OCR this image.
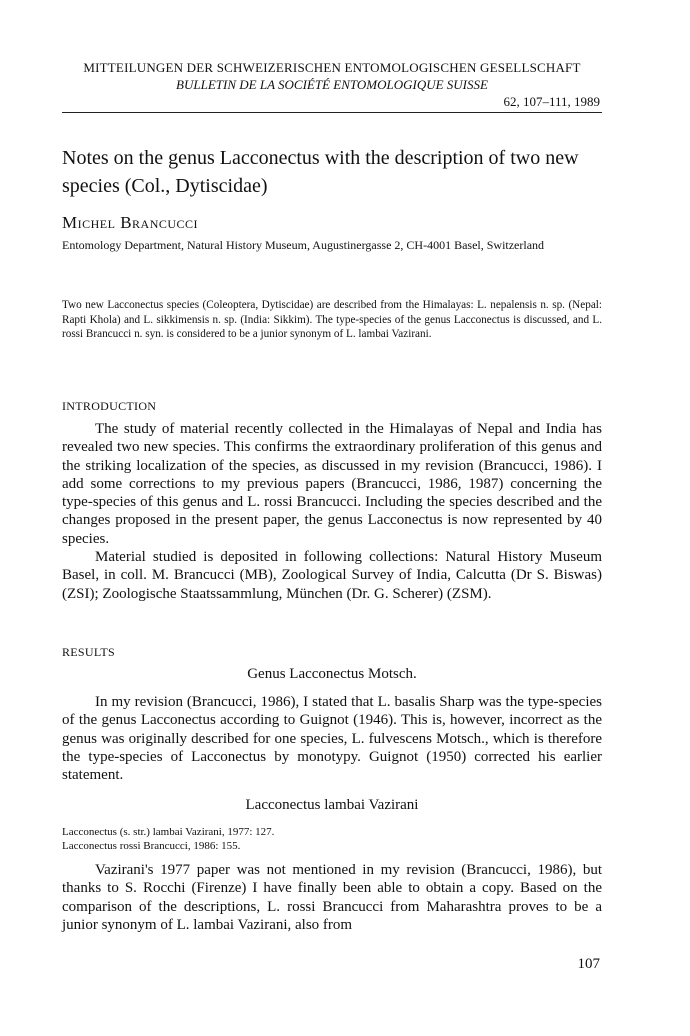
MITTEILUNGEN DER SCHWEIZERISCHEN ENTOMOLOGISCHEN GESELLSCHAFT
BULLETIN DE LA SOCIÉTÉ ENTOMOLOGIQUE SUISSE
62, 107–111, 1989
Notes on the genus Lacconectus with the description of two new species (Col., Dytiscidae)
Michel Brancucci
Entomology Department, Natural History Museum, Augustinergasse 2, CH-4001 Basel, Switzerland
Two new Lacconectus species (Coleoptera, Dytiscidae) are described from the Himalayas: L. nepalensis n. sp. (Nepal: Rapti Khola) and L. sikkimensis n. sp. (India: Sikkim). The type-species of the genus Lacconectus is discussed, and L. rossi Brancucci n. syn. is considered to be a junior synonym of L. lambai Vazirani.
INTRODUCTION

The study of material recently collected in the Himalayas of Nepal and India has revealed two new species. This confirms the extraordinary proliferation of this genus and the striking localization of the species, as discussed in my revision (Brancucci, 1986). I add some corrections to my previous papers (Brancucci, 1986, 1987) concerning the type-species of this genus and L. rossi Brancucci. Including the species described and the changes proposed in the present paper, the genus Lacconectus is now represented by 40 species.

Material studied is deposited in following collections: Natural History Museum Basel, in coll. M. Brancucci (MB), Zoological Survey of India, Calcutta (Dr S. Biswas) (ZSI); Zoologische Staatssammlung, München (Dr. G. Scherer) (ZSM).

RESULTS
Genus Lacconectus Motsch.

In my revision (Brancucci, 1986), I stated that L. basalis Sharp was the type-species of the genus Lacconectus according to Guignot (1946). This is, however, incorrect as the genus was originally described for one species, L. fulvescens Motsch., which is therefore the type-species of Lacconectus by monotypy. Guignot (1950) corrected his earlier statement.

Lacconectus lambai Vazirani
Lacconectus (s. str.) lambai Vazirani, 1977: 127.
Lacconectus rossi Brancucci, 1986: 155.

Vazirani's 1977 paper was not mentioned in my revision (Brancucci, 1986), but thanks to S. Rocchi (Firenze) I have finally been able to obtain a copy. Based on the comparison of the descriptions, L. rossi Brancucci from Maharashtra proves to be a junior synonym of L. lambai Vazirani, also from

107
